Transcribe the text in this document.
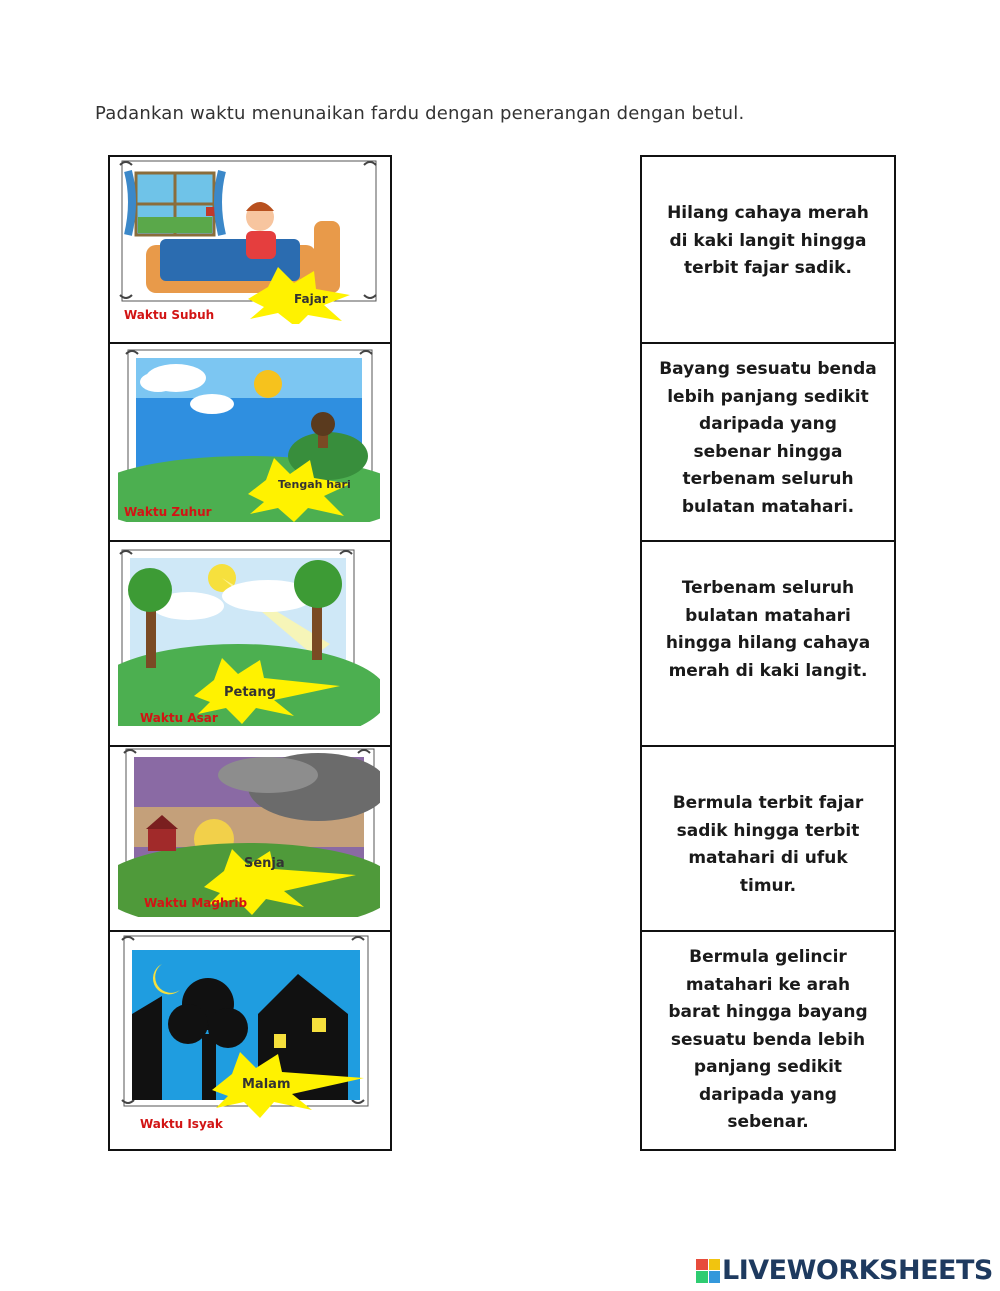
Padankan waktu menunaikan fardu dengan penerangan dengan betul.
Fajar
Waktu Subuh
Tengah hari
Waktu Zuhur
Petang
Waktu Asar
Senja
Waktu Maghrib
Malam
Waktu Isyak
Hilang cahaya merah di kaki langit hingga terbit fajar sadik.
Bayang sesuatu benda lebih panjang sedikit daripada yang sebenar hingga terbenam seluruh bulatan matahari.
Terbenam seluruh bulatan matahari hingga hilang cahaya merah di kaki langit.
Bermula terbit fajar sadik hingga terbit matahari di ufuk timur.
Bermula gelincir matahari ke arah barat hingga bayang sesuatu benda lebih panjang sedikit daripada yang sebenar.
LIVEWORKSHEETS
